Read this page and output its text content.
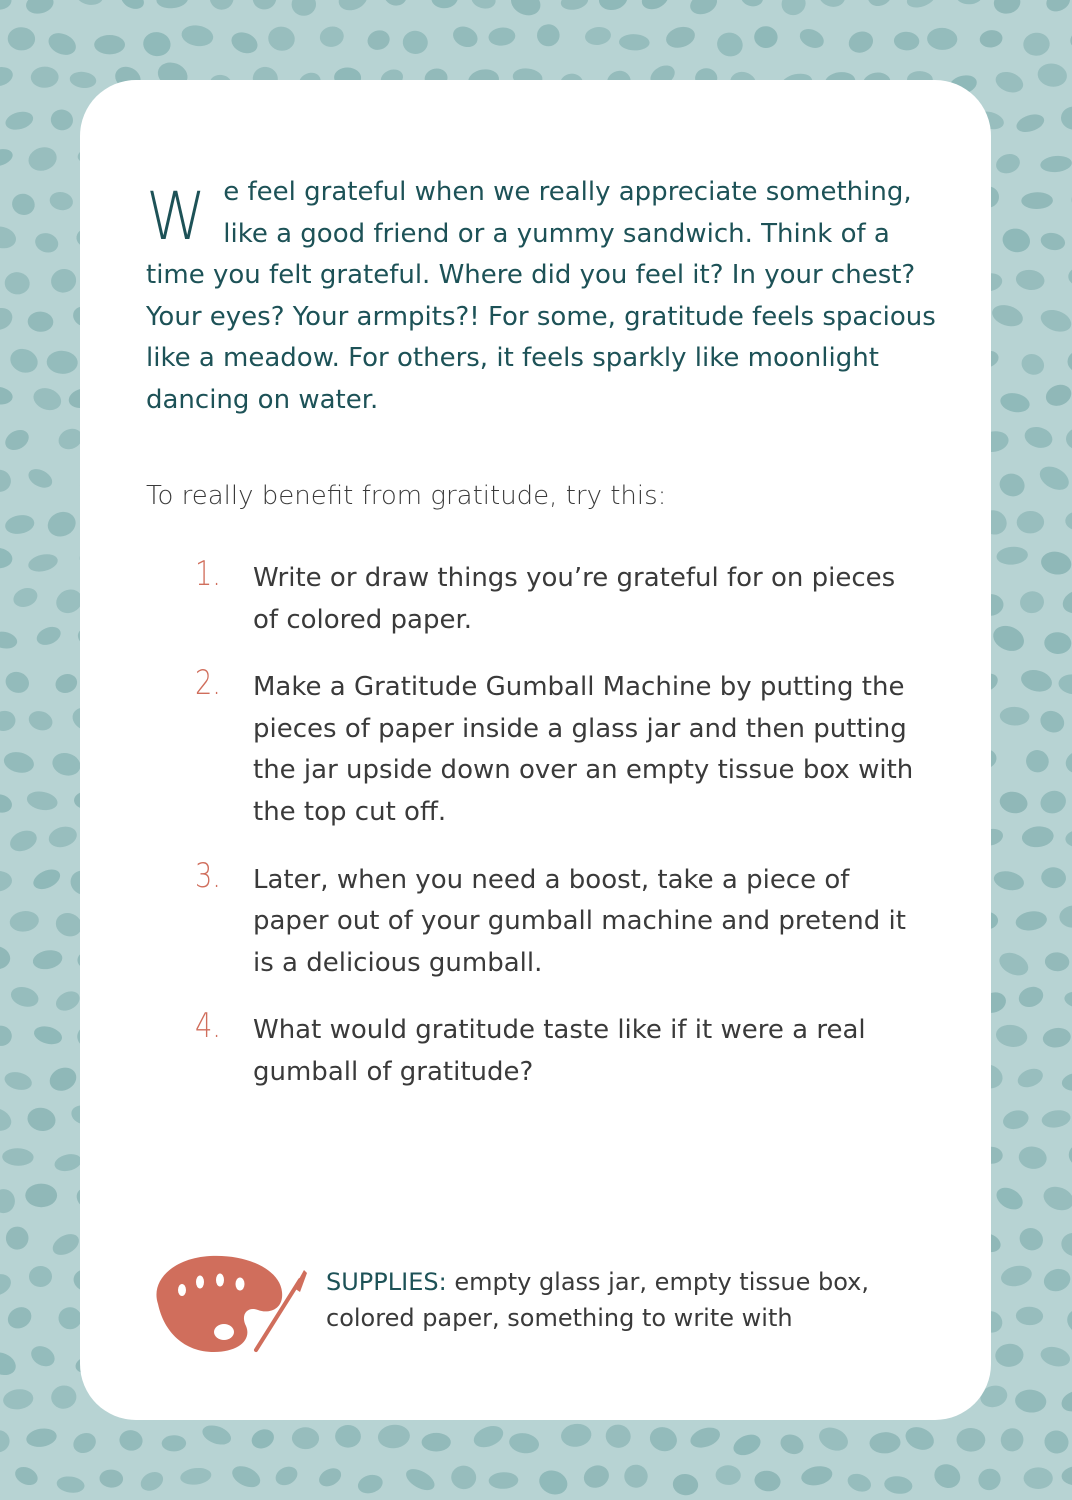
We feel grateful when we really appreciate something, like a good friend or a yummy sandwich. Think of a time you felt grateful. Where did you feel it? In your chest? Your eyes? Your armpits?! For some, gratitude feels spacious like a meadow. For others, it feels sparkly like moonlight dancing on water.

To really benefit from gratitude, try this:

1. Write or draw things you’re grateful for on pieces of colored paper.
2. Make a Gratitude Gumball Machine by putting the pieces of paper inside a glass jar and then putting the jar upside down over an empty tissue box with the top cut off.
3. Later, when you need a boost, take a piece of paper out of your gumball machine and pretend it is a delicious gumball.
4. What would gratitude taste like if it were a real gumball of gratitude?

SUPPLIES: empty glass jar, empty tissue box, colored paper, something to write with
